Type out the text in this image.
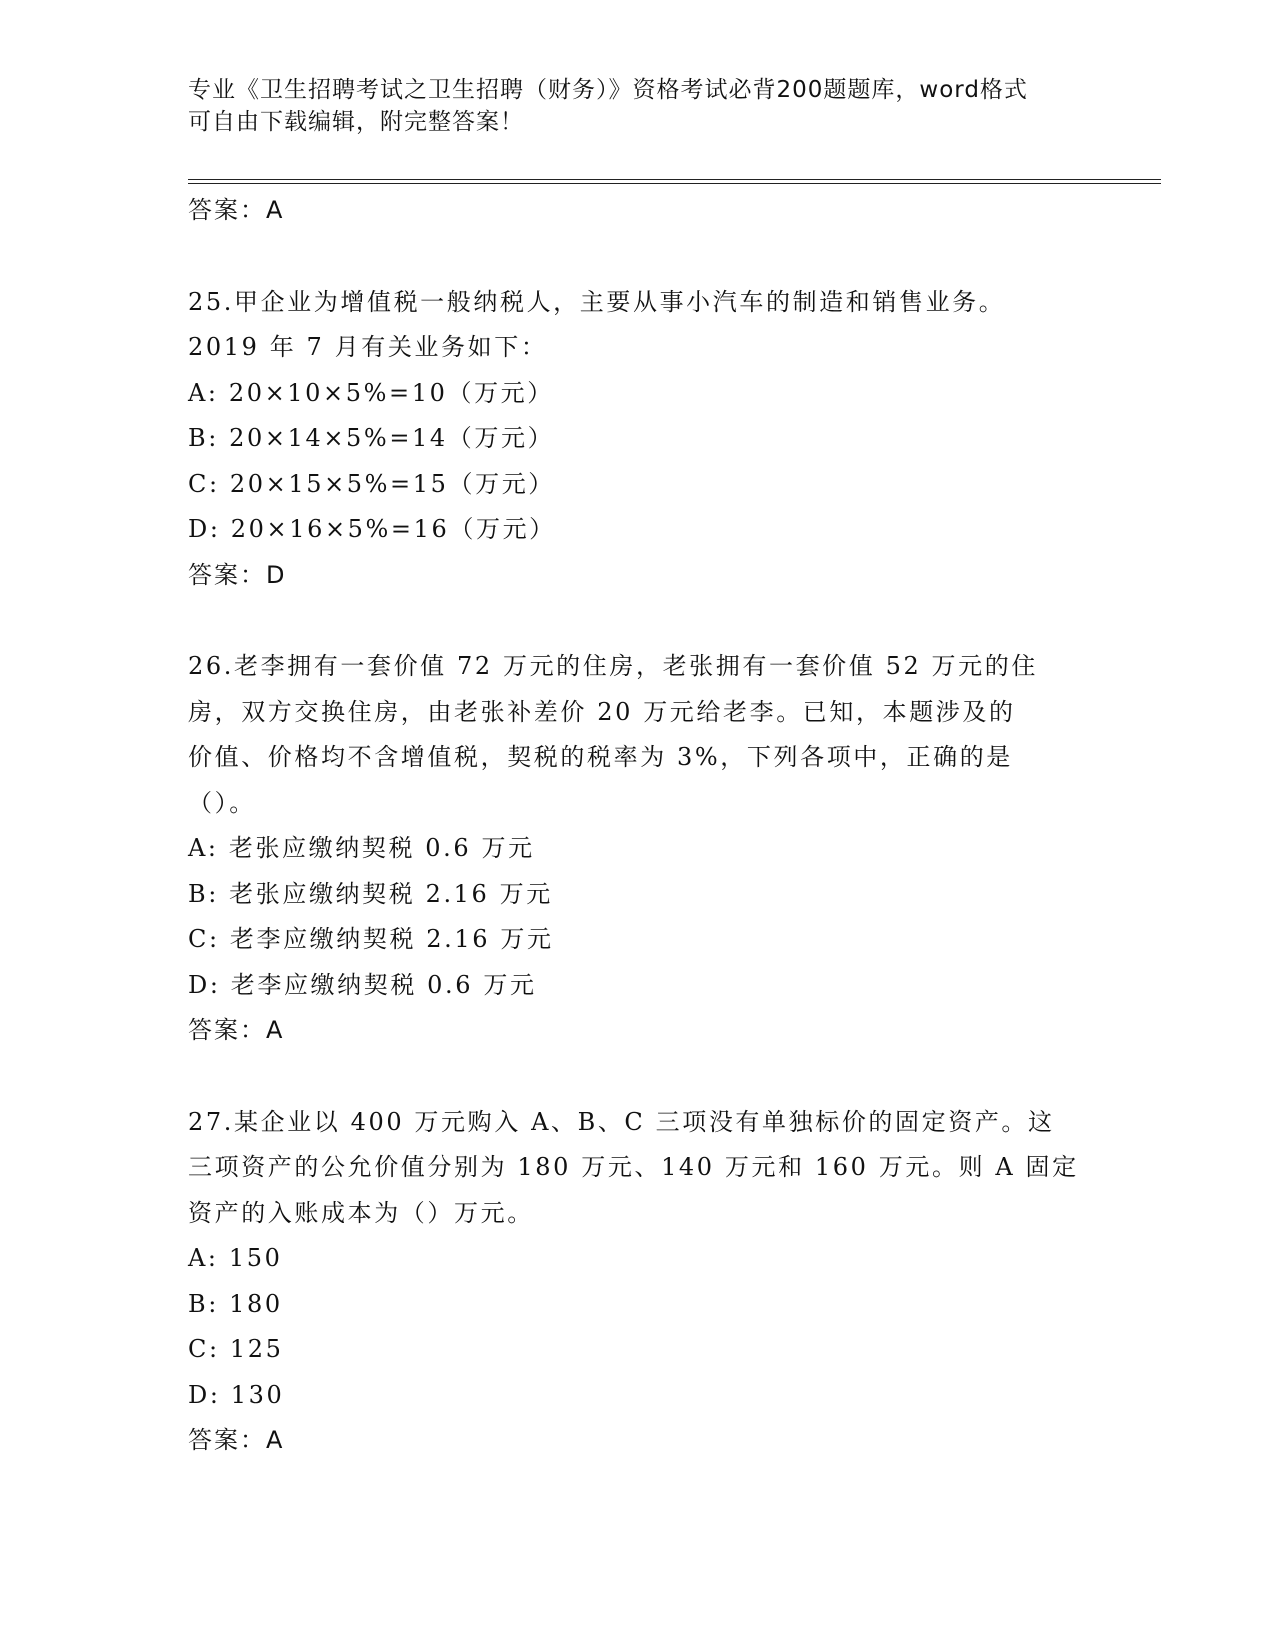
专业《卫生招聘考试之卫生招聘（财务）》资格考试必背200题题库，word格式
可自由下载编辑，附完整答案！
答案：A
25.甲企业为增值税一般纳税人，主要从事小汽车的制造和销售业务。
2019 年 7 月有关业务如下：
A: 20×10×5%=10（万元）
B: 20×14×5%=14（万元）
C: 20×15×5%=15（万元）
D: 20×16×5%=16（万元）
答案：D
26.老李拥有一套价值 72 万元的住房，老张拥有一套价值 52 万元的住
房，双方交换住房，由老张补差价 20 万元给老李。已知，本题涉及的
价值、价格均不含增值税，契税的税率为 3%，下列各项中，正确的是
（）。
A: 老张应缴纳契税 0.6 万元
B: 老张应缴纳契税 2.16 万元
C: 老李应缴纳契税 2.16 万元
D: 老李应缴纳契税 0.6 万元
答案：A
27.某企业以 400 万元购入 A、B、C 三项没有单独标价的固定资产。这
三项资产的公允价值分别为 180 万元、140 万元和 160 万元。则 A 固定
资产的入账成本为（）万元。
A: 150
B: 180
C: 125
D: 130
答案：A
